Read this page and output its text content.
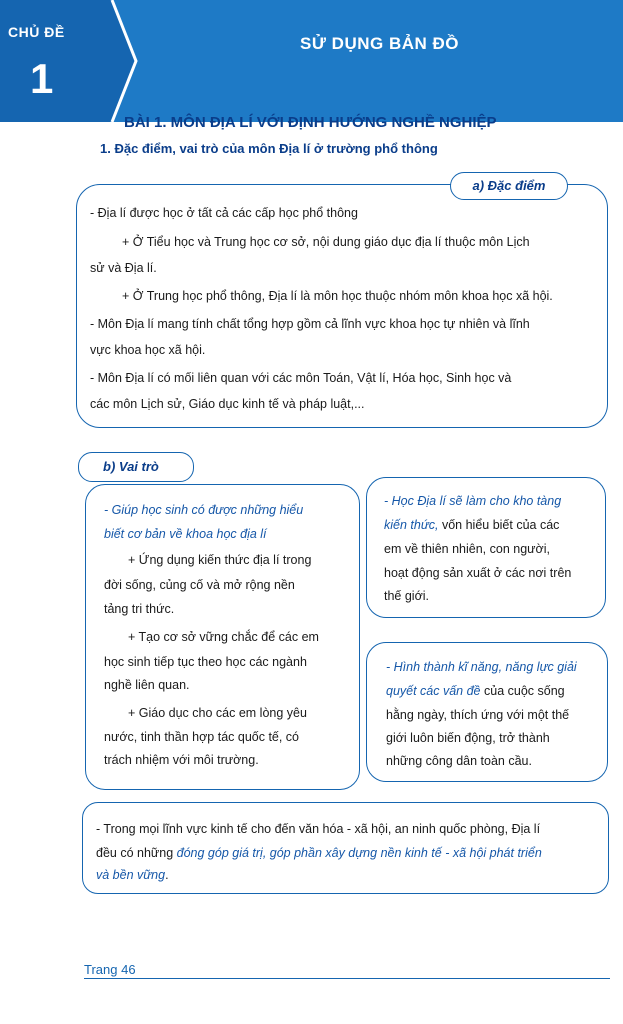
CHỦ ĐỀ
1
SỬ DỤNG BẢN ĐỒ
BÀI 1. MÔN ĐỊA LÍ VỚI ĐỊNH HƯỚNG NGHỀ NGHIỆP
1. Đặc điểm, vai trò của môn Địa lí ở trường phổ thông
a) Đặc điểm
- Địa lí được học ở tất cả các cấp học phổ thông
+ Ở Tiểu học và Trung học cơ sở, nội dung giáo dục địa lí thuộc môn Lịch
sử và Địa lí.
+ Ở Trung học phổ thông, Địa lí là môn học thuộc nhóm môn khoa học xã hội.
- Môn Địa lí mang tính chất tổng hợp gồm cả lĩnh vực khoa học tự nhiên và lĩnh
vực khoa học xã hội.
- Môn Địa lí có mối liên quan với các môn Toán, Vật lí, Hóa học, Sinh học và
các môn Lịch sử, Giáo dục kinh tế và pháp luật,...
b) Vai trò
- Giúp học sinh có được những hiểu
biết cơ bản về khoa học địa lí
+ Ứng dụng kiến thức địa lí trong
đời sống, củng cố và mở rộng nền
tảng tri thức.
+ Tạo cơ sở vững chắc để các em
học sinh tiếp tục theo học các ngành
nghề liên quan.
+ Giáo dục cho các em lòng yêu
nước, tinh thần hợp tác quốc tế, có
trách nhiệm với môi trường.
- Học Địa lí sẽ làm cho kho tàng
kiến thức, vốn hiểu biết của các
em về thiên nhiên, con người,
hoạt động sản xuất ở các nơi trên
thế giới.
- Hình thành kĩ năng, năng lực giải
quyết các vấn đề của cuộc sống
hằng ngày, thích ứng với một thế
giới luôn biến động, trở thành
những công dân toàn cầu.
- Trong mọi lĩnh vực kinh tế cho đến văn hóa - xã hội, an ninh quốc phòng, Địa lí
đều có những đóng góp giá trị, góp phần xây dựng nền kinh tế - xã hội phát triển
và bền vững.
Trang 46
